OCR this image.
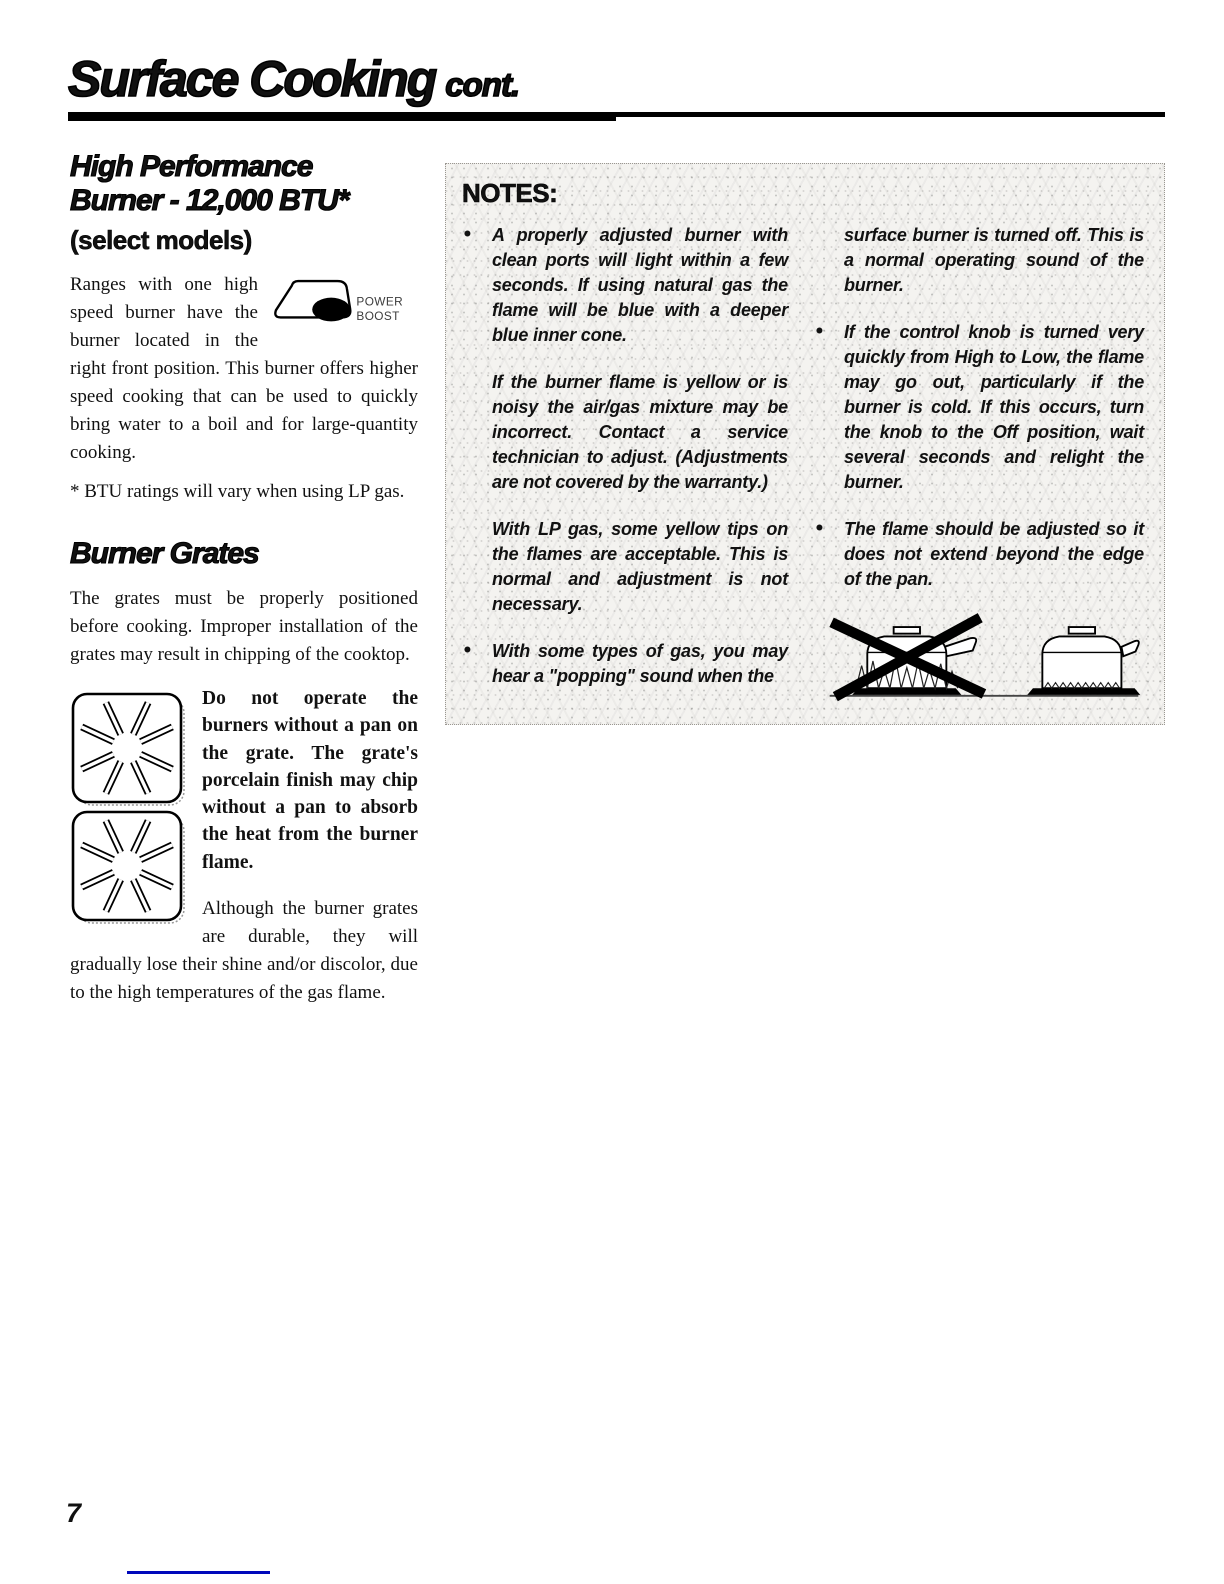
Surface Cooking cont.
High Performance
Burner - 12,000 BTU*
(select models)

POWER
BOOST
Ranges with one high speed burner have the burner located in the right front position. This burner offers higher speed cooking that can be used to quickly bring water to a boil and for large-quantity cooking.

* BTU ratings will vary when using LP gas.

Burner Grates

The grates must be properly positioned before cooking. Improper installation of the grates may result in chipping of the cooktop.

Do not operate the burners without a pan on the grate. The grate's porcelain finish may chip without a pan to absorb the heat from the burner flame.

Although the burner grates are durable, they will gradually lose their shine and/or discolor, due to the high temperatures of the gas flame.

NOTES:
•	A properly adjusted burner with clean ports will light within a few seconds. If using natural gas the flame will be blue with a deeper blue inner cone.
If the burner flame is yellow or is noisy the air/gas mixture may be incorrect. Contact a service technician to adjust. (Adjustments are not covered by the warranty.)
With LP gas, some yellow tips on the flames are acceptable. This is normal and adjustment is not necessary.
•	With some types of gas, you may hear a "popping" sound when the
surface burner is turned off. This is a normal operating sound of the burner.
•	If the control knob is turned very quickly from High to Low, the flame may go out, particularly if the burner is cold. If this occurs, turn the knob to the Off position, wait several seconds and relight the burner.
•	The flame should be adjusted so it does not extend beyond the edge of the pan.
7
